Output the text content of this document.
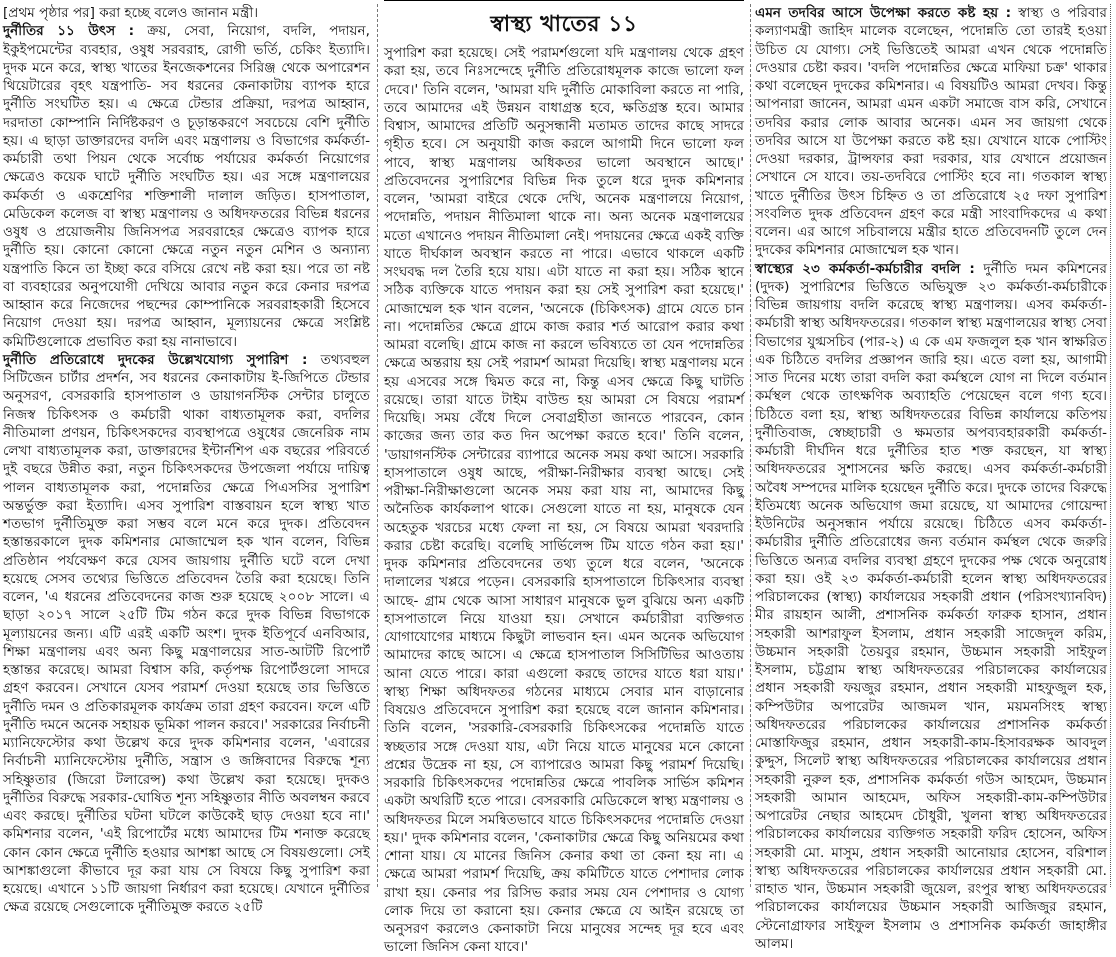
[প্রথম পৃষ্ঠার পর] করা হচ্ছে বলেও জানান মন্ত্রী।

দুর্নীতির ১১ উৎস : ক্রয়, সেবা, নিয়োগ, বদলি, পদায়ন, ইকুইপমেন্টের ব্যবহার, ওষুধ সরবরাহ, রোগী ভর্তি, চেকিং ইত্যাদি। দুদক মনে করে, স্বাস্থ্য খাতের ইনজেকশনের সিরিঞ্জ থেকে অপারেশন থিয়েটারের বৃহৎ যন্ত্রপাতি- সব ধরনের কেনাকাটায় ব্যাপক হারে দুর্নীতি সংঘটিত হয়। এ ক্ষেত্রে টেন্ডার প্রক্রিয়া, দরপত্র আহ্বান, দরদাতা কোম্পানি নির্দিষ্টকরণ ও চূড়ান্তকরণে সবচেয়ে বেশি দুর্নীতি হয়। এ ছাড়া ডাক্তারদের বদলি এবং মন্ত্রণালয় ও বিভাগের কর্মকর্তা-কর্মচারী তথা পিয়ন থেকে সর্বোচ্চ পর্যায়ের কর্মকর্তা নিয়োগের ক্ষেত্রেও কয়েক ঘাটে দুর্নীতি সংঘটিত হয়। এর সঙ্গে মন্ত্রণালয়ের কর্মকর্তা ও একশ্রেণির শক্তিশালী দালাল জড়িত। হাসপাতাল, মেডিকেল কলেজ বা স্বাস্থ্য মন্ত্রণালয় ও অধিদফতরের বিভিন্ন ধরনের ওষুধ ও প্রয়োজনীয় জিনিসপত্র সরবরাহের ক্ষেত্রেও ব্যাপক হারে দুর্নীতি হয়। কোনো কোনো ক্ষেত্রে নতুন নতুন মেশিন ও অন্যান্য যন্ত্রপাতি কিনে তা ইচ্ছা করে বসিয়ে রেখে নষ্ট করা হয়। পরে তা নষ্ট বা ব্যবহারের অনুপযোগী দেখিয়ে আবার নতুন করে কেনার দরপত্র আহ্বান করে নিজেদের পছন্দের কোম্পানিকে সরবরাহকারী হিসেবে নিয়োগ দেওয়া হয়। দরপত্র আহ্বান, মূল্যায়নের ক্ষেত্রে সংশ্লিষ্ট কমিটিগুলোকে প্রভাবিত করা হয় নানাভাবে।

দুর্নীতি প্রতিরোধে দুদকের উল্লেখযোগ্য সুপারিশ : তথ্যবহুল সিটিজেন চার্টার প্রদর্শন, সব ধরনের কেনাকাটায় ই-জিপিতে টেন্ডার অনুসরণ, বেসরকারি হাসপাতাল ও ডায়াগনস্টিক সেন্টার চালুতে নিজস্ব চিকিৎসক ও কর্মচারী থাকা বাধ্যতামূলক করা, বদলির নীতিমালা প্রণয়ন, চিকিৎসকদের ব্যবস্থাপত্রে ওষুধের জেনেরিক নাম লেখা বাধ্যতামূলক করা, ডাক্তারদের ইন্টার্নশিপ এক বছরের পরিবর্তে দুই বছরে উন্নীত করা, নতুন চিকিৎসকদের উপজেলা পর্যায়ে দায়িত্ব পালন বাধ্যতামূলক করা, পদোন্নতির ক্ষেত্রে পিএসসির সুপারিশ অন্তর্ভুক্ত করা ইত্যাদি। এসব সুপারিশ বাস্তবায়ন হলে স্বাস্থ্য খাত শতভাগ দুর্নীতিমুক্ত করা সম্ভব বলে মনে করে দুদক। প্রতিবেদন হস্তান্তরকালে দুদক কমিশনার মোজাম্মেল হক খান বলেন, বিভিন্ন প্রতিষ্ঠান পর্যবেক্ষণ করে যেসব জায়গায় দুর্নীতি ঘটে বলে দেখা হয়েছে সেসব তথ্যের ভিত্তিতে প্রতিবেদন তৈরি করা হয়েছে। তিনি বলেন, 'এ ধরনের প্রতিবেদনের কাজ শুরু হয়েছে ২০০৮ সালে। এ ছাড়া ২০১৭ সালে ২৫টি টিম গঠন করে দুদক বিভিন্ন বিভাগকে মূল্যায়নের জন্য। এটি এরই একটি অংশ। দুদক ইতিপূর্বে এনবিআর, শিক্ষা মন্ত্রণালয় এবং অন্য কিছু মন্ত্রণালয়ের সাত-আটটি রিপোর্ট হস্তান্তর করেছে। আমরা বিশ্বাস করি, কর্তৃপক্ষ রিপোর্টগুলো সাদরে গ্রহণ করবেন। সেখানে যেসব পরামর্শ দেওয়া হয়েছে তার ভিত্তিতে দুর্নীতি দমন ও প্রতিকারমূলক কার্যক্রম তারা গ্রহণ করবেন। ফলে এটি দুর্নীতি দমনে অনেক সহায়ক ভূমিকা পালন করবে।' সরকারের নির্বাচনী ম্যানিফেস্টোর কথা উল্লেখ করে দুদক কমিশনার বলেন, 'এবারের নির্বাচনী ম্যানিফেস্টোয় দুর্নীতি, সন্ত্রাস ও জঙ্গিবাদের বিরুদ্ধে শূন্য সহিষ্ণুতার (জিরো টলারেন্স) কথা উল্লেখ করা হয়েছে। দুদকও দুর্নীতির বিরুদ্ধে সরকার-ঘোষিত শূন্য সহিষ্ণুতার নীতি অবলম্বন করবে এবং করছে। দুর্নীতির ঘটনা ঘটলে কাউকেই ছাড় দেওয়া হবে না।' কমিশনার বলেন, 'এই রিপোর্টের মধ্যে আমাদের টিম শনাক্ত করেছে কোন কোন ক্ষেত্রে দুর্নীতি হওয়ার আশঙ্কা আছে সে বিষয়গুলো। সেই আশঙ্কাগুলো কীভাবে দূর করা যায় সে বিষয়ে কিছু সুপারিশ করা হয়েছে। এখানে ১১টি জায়গা নির্ধারণ করা হয়েছে। যেখানে দুর্নীতির ক্ষেত্র রয়েছে সেগুলোকে দুর্নীতিমুক্ত করতে ২৫টি

স্বাস্থ্য খাতের ১১

সুপারিশ করা হয়েছে। সেই পরামর্শগুলো যদি মন্ত্রণালয় থেকে গ্রহণ করা হয়, তবে নিঃসন্দেহে দুর্নীতি প্রতিরোধমূলক কাজে ভালো ফল দেবে।' তিনি বলেন, 'আমরা যদি দুর্নীতি মোকাবিলা করতে না পারি, তবে আমাদের এই উন্নয়ন বাধাগ্রস্ত হবে, ক্ষতিগ্রস্ত হবে। আমার বিশ্বাস, আমাদের প্রতিটি অনুসন্ধানী মতামত তাদের কাছে সাদরে গৃহীত হবে। সে অনুযায়ী কাজ করলে আগামী দিনে ভালো ফল পাবে, স্বাস্থ্য মন্ত্রণালয় অধিকতর ভালো অবস্থানে আছে।' প্রতিবেদনের সুপারিশের বিভিন্ন দিক তুলে ধরে দুদক কমিশনার বলেন, 'আমরা বাইরে থেকে দেখি, অনেক মন্ত্রণালয়ে নিয়োগ, পদোন্নতি, পদায়ন নীতিমালা থাকে না। অন্য অনেক মন্ত্রণালয়ের মতো এখানেও পদায়ন নীতিমালা নেই। পদায়নের ক্ষেত্রে একই ব্যক্তি যাতে দীর্ঘকাল অবস্থান করতে না পারে। এভাবে থাকলে একটি সংঘবদ্ধ দল তৈরি হয়ে যায়। এটা যাতে না করা হয়। সঠিক স্থানে সঠিক ব্যক্তিকে যাতে পদায়ন করা হয় সেই সুপারিশ করা হয়েছে।' মোজাম্মেল হক খান বলেন, 'অনেকে (চিকিৎসক) গ্রামে যেতে চান না। পদোন্নতির ক্ষেত্রে গ্রামে কাজ করার শর্ত আরোপ করার কথা আমরা বলেছি। গ্রামে কাজ না করলে ভবিষ্যতে তা যেন পদোন্নতির ক্ষেত্রে অন্তরায় হয় সেই পরামর্শ আমরা দিয়েছি। স্বাস্থ্য মন্ত্রণালয় মনে হয় এসবের সঙ্গে দ্বিমত করে না, কিন্তু এসব ক্ষেত্রে কিছু ঘাটতি রয়েছে। তারা যাতে টাইম বাউন্ড হয় আমরা সে বিষয়ে পরামর্শ দিয়েছি। সময় বেঁধে দিলে সেবাগ্রহীতা জানতে পারবেন, কোন কাজের জন্য তার কত দিন অপেক্ষা করতে হবে।' তিনি বলেন, 'ডায়াগনস্টিক সেন্টারের ব্যাপারে অনেক সময় কথা আসে। সরকারি হাসপাতালে ওষুধ আছে, পরীক্ষা-নিরীক্ষার ব্যবস্থা আছে। সেই পরীক্ষা-নিরীক্ষাগুলো অনেক সময় করা যায় না, আমাদের কিছু অনৈতিক কার্যকলাপ থাকে। সেগুলো যাতে না হয়, মানুষকে যেন অহেতুক খরচের মধ্যে ফেলা না হয়, সে বিষয়ে আমরা খবরদারি করার চেষ্টা করেছি। বলেছি সার্ভিলেন্স টিম যাতে গঠন করা হয়।' দুদক কমিশনার প্রতিবেদনের তথ্য তুলে ধরে বলেন, 'অনেকে দালালের খপ্পরে পড়েন। বেসরকারি হাসপাতালে চিকিৎসার ব্যবস্থা আছে- গ্রাম থেকে আসা সাধারণ মানুষকে ভুল বুঝিয়ে অন্য একটি হাসপাতালে নিয়ে যাওয়া হয়। সেখানে কর্মচারীরা ব্যক্তিগত যোগাযোগের মাধ্যমে কিছুটা লাভবান হন। এমন অনেক অভিযোগ আমাদের কাছে আসে। এ ক্ষেত্রে হাসপাতাল সিসিটিভির আওতায় আনা যেতে পারে। কারা এগুলো করছে তাদের যাতে ধরা যায়।' স্বাস্থ্য শিক্ষা অধিদফতর গঠনের মাধ্যমে সেবার মান বাড়ানোর বিষয়েও প্রতিবেদনে সুপারিশ করা হয়েছে বলে জানান কমিশনার। তিনি বলেন, 'সরকারি-বেসরকারি চিকিৎসকের পদোন্নতি যাতে স্বচ্ছতার সঙ্গে দেওয়া যায়, এটা নিয়ে যাতে মানুষের মনে কোনো প্রশ্নের উদ্রেক না হয়, সে ব্যাপারেও আমরা কিছু পরামর্শ দিয়েছি। সরকারি চিকিৎসকদের পদোন্নতির ক্ষেত্রে পাবলিক সার্ভিস কমিশন একটা অথরিটি হতে পারে। বেসরকারি মেডিকেলে স্বাস্থ্য মন্ত্রণালয় ও অধিদফতর মিলে সমন্বিতভাবে যাতে চিকিৎসকদের পদোন্নতি দেওয়া হয়।' দুদক কমিশনার বলেন, 'কেনাকাটার ক্ষেত্রে কিছু অনিয়মের কথা শোনা যায়। যে মানের জিনিস কেনার কথা তা কেনা হয় না। এ ক্ষেত্রে আমরা পরামর্শ দিয়েছি, ক্রয় কমিটিতে যাতে পেশাদার লোক রাখা হয়। কেনার পর রিসিভ করার সময় যেন পেশাদার ও যোগ্য লোক দিয়ে তা করানো হয়। কেনার ক্ষেত্রে যে আইন রয়েছে তা অনুসরণ করলেও কেনাকাটা নিয়ে মানুষের সন্দেহ দূর হবে এবং ভালো জিনিস কেনা যাবে।'

এমন তদবির আসে উপেক্ষা করতে কষ্ট হয় : স্বাস্থ্য ও পরিবার কল্যাণমন্ত্রী জাহিদ মালেক বলেছেন, পদোন্নতি তো তারই হওয়া উচিত যে যোগ্য। সেই ভিত্তিতেই আমরা এখন থেকে পদোন্নতি দেওয়ার চেষ্টা করব। 'বদলি পদোন্নতির ক্ষেত্রে মাফিয়া চক্র' থাকার কথা বলেছেন দুদকের কমিশনার। এ বিষয়টিও আমরা দেখব। কিন্তু আপনারা জানেন, আমরা এমন একটা সমাজে বাস করি, সেখানে তদবির করার লোক আবার অনেক। এমন সব জায়গা থেকে তদবির আসে যা উপেক্ষা করতে কষ্ট হয়। যেখানে যাকে পোস্টিং দেওয়া দরকার, ট্রান্সফার করা দরকার, যার যেখানে প্রয়োজন সেখানে সে যাবে। তয়-তদবিরে পোস্টিং হবে না। গতকাল স্বাস্থ্য খাতে দুর্নীতির উৎস চিহ্নিত ও তা প্রতিরোধে ২৫ দফা সুপারিশ সংবলিত দুদক প্রতিবেদন গ্রহণ করে মন্ত্রী সাংবাদিকদের এ কথা বলেন। এর আগে সচিবালয়ে মন্ত্রীর হাতে প্রতিবেদনটি তুলে দেন দুদকের কমিশনার মোজাম্মেল হক খান।

স্বাস্থ্যের ২৩ কর্মকর্তা-কর্মচারীর বদলি : দুর্নীতি দমন কমিশনের (দুদক) সুপারিশের ভিত্তিতে অভিযুক্ত ২৩ কর্মকর্তা-কর্মচারীকে বিভিন্ন জায়গায় বদলি করেছে স্বাস্থ্য মন্ত্রণালয়। এসব কর্মকর্তা-কর্মচারী স্বাস্থ্য অধিদফতরের। গতকাল স্বাস্থ্য মন্ত্রণালয়ের স্বাস্থ্য সেবা বিভাগের যুগ্মসচিব (পার-২) এ কে এম ফজলুল হক খান স্বাক্ষরিত এক চিঠিতে বদলির প্রজ্ঞাপন জারি হয়। এতে বলা হয়, আগামী সাত দিনের মধ্যে তারা বদলি করা কর্মস্থলে যোগ না দিলে বর্তমান কর্মস্থল থেকে তাৎক্ষণিক অব্যাহতি পেয়েছেন বলে গণ্য হবে। চিঠিতে বলা হয়, স্বাস্থ্য অধিদফতরের বিভিন্ন কার্যালয়ে কতিপয় দুর্নীতিবাজ, স্বেচ্ছাচারী ও ক্ষমতার অপব্যবহারকারী কর্মকর্তা-কর্মচারী দীর্ঘদিন ধরে দুর্নীতির হাত শক্ত করছেন, যা স্বাস্থ্য অধিদফতরের সুশাসনের ক্ষতি করছে। এসব কর্মকর্তা-কর্মচারী অবৈধ সম্পদের মালিক হয়েছেন দুর্নীতি করে। দুদকে তাদের বিরুদ্ধে ইতিমধ্যে অনেক অভিযোগ জমা রয়েছে, যা আমাদের গোয়েন্দা ইউনিটের অনুসন্ধান পর্যায়ে রয়েছে। চিঠিতে এসব কর্মকর্তা-কর্মচারীর দুর্নীতি প্রতিরোধের জন্য বর্তমান কর্মস্থল থেকে জরুরি ভিত্তিতে অন্যত্র বদলির ব্যবস্থা গ্রহণে দুদকের পক্ষ থেকে অনুরোধ করা হয়। ওই ২৩ কর্মকর্তা-কর্মচারী হলেন স্বাস্থ্য অধিদফতরের পরিচালকের (স্বাস্থ্য) কার্যালয়ের সহকারী প্রধান (পরিসংখ্যানবিদ) মীর রায়হান আলী, প্রশাসনিক কর্মকর্তা ফারুক হাসান, প্রধান সহকারী আশরাফুল ইসলাম, প্রধান সহকারী সাজেদুল করিম, উচ্চমান সহকারী তৈয়বুর রহমান, উচ্চমান সহকারী সাইফুল ইসলাম, চট্টগ্রাম স্বাস্থ্য অধিদফতরের পরিচালকের কার্যালয়ের প্রধান সহকারী ফয়জুর রহমান, প্রধান সহকারী মাহফুজুল হক, কম্পিউটার অপারেটর আজমল খান, ময়মনসিংহ স্বাস্থ্য অধিদফতরের পরিচালকের কার্যালয়ের প্রশাসনিক কর্মকর্তা মোস্তাফিজুর রহমান, প্রধান সহকারী-কাম-হিসাবরক্ষক আবদুল কুদ্দুস, সিলেট স্বাস্থ্য অধিদফতরের পরিচালকের কার্যালয়ের প্রধান সহকারী নুরুল হক, প্রশাসনিক কর্মকর্তা গউস আহমেদ, উচ্চমান সহকারী আমান আহমেদ, অফিস সহকারী-কাম-কম্পিউটার অপারেটর নেছার আহমেদ চৌধুরী, খুলনা স্বাস্থ্য অধিদফতরের পরিচালকের কার্যালয়ের ব্যক্তিগত সহকারী ফরিদ হোসেন, অফিস সহকারী মো. মাসুম, প্রধান সহকারী আনোয়ার হোসেন, বরিশাল স্বাস্থ্য অধিদফতরের পরিচালকের কার্যালয়ের প্রধান সহকারী মো. রাহাত খান, উচ্চমান সহকারী জুয়েল, রংপুর স্বাস্থ্য অধিদফতরের পরিচালকের কার্যালয়ের উচ্চমান সহকারী আজিজুর রহমান, স্টেনোগ্রাফার সাইফুল ইসলাম ও প্রশাসনিক কর্মকর্তা জাহাঙ্গীর আলম।
